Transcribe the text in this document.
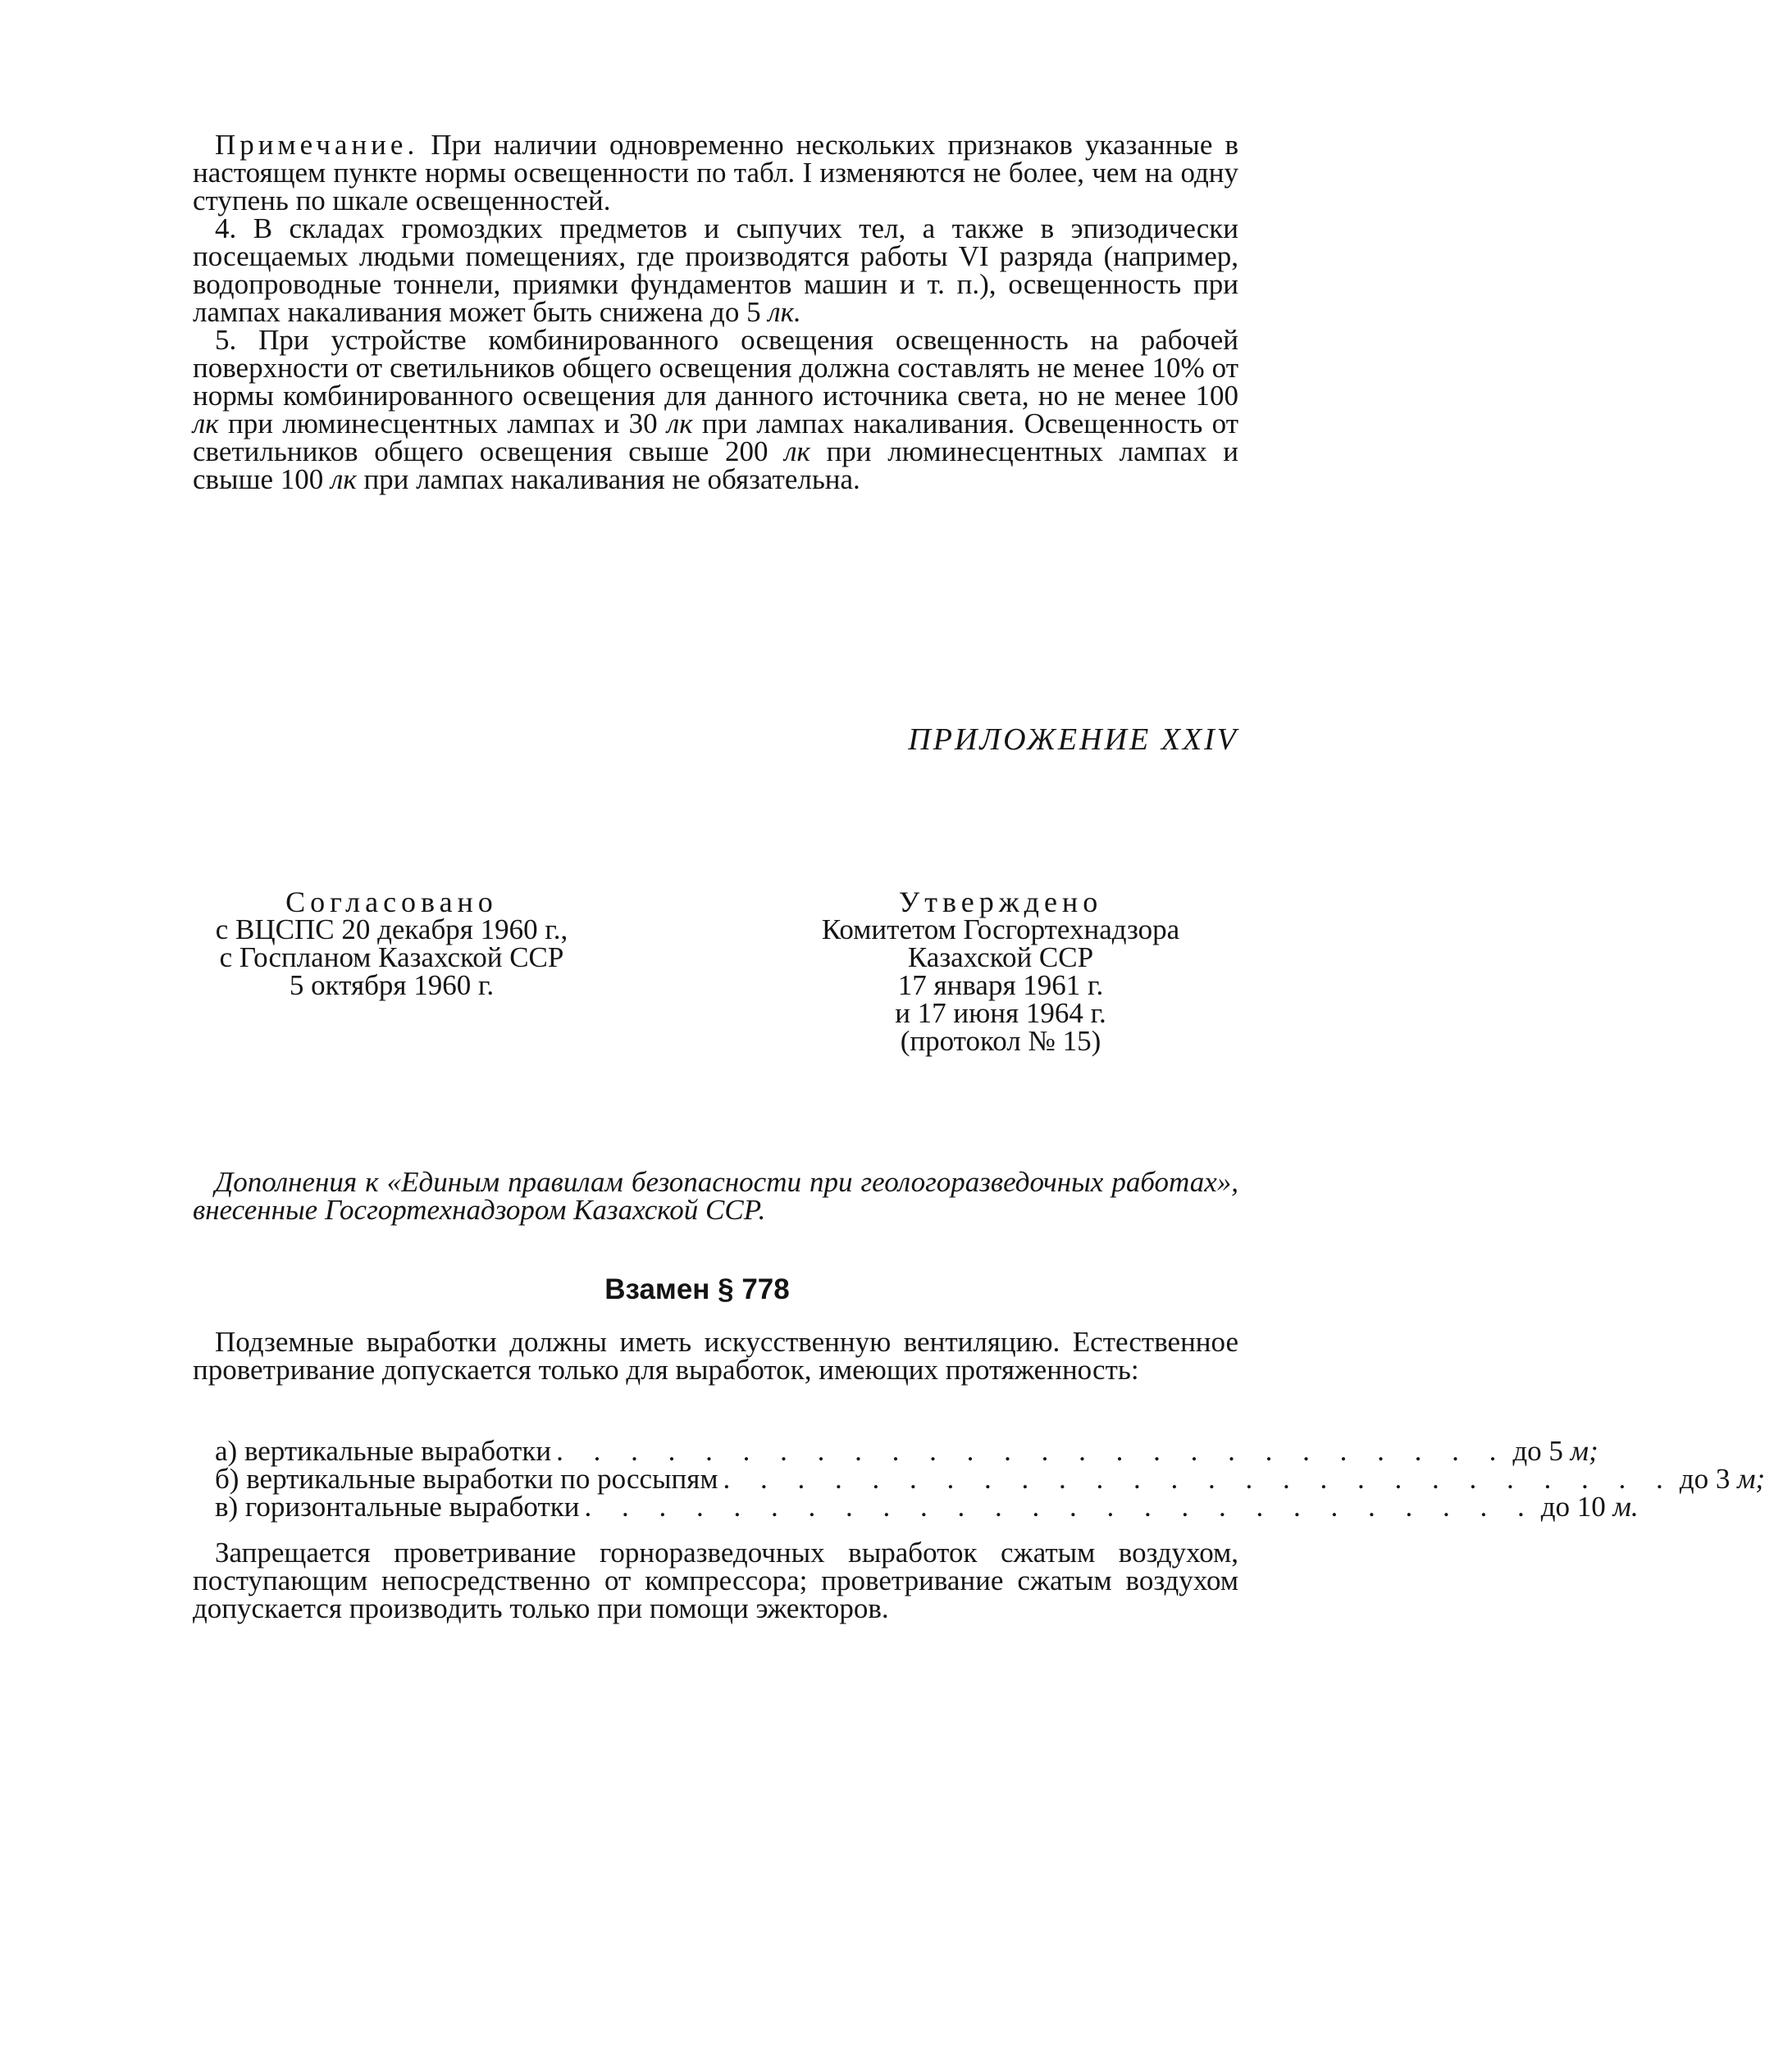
Примечание. При наличии одновременно нескольких признаков указанные в настоящем пункте нормы освещенности по табл. I изменяются не более, чем на одну ступень по шкале освещенностей.

4. В складах громоздких предметов и сыпучих тел, а также в эпизодически посещаемых людьми помещениях, где производятся работы VI разряда (например, водопроводные тоннели, приямки фундаментов машин и т. п.), освещенность при лампах накаливания может быть снижена до 5 лк.

5. При устройстве комбинированного освещения освещенность на рабочей поверхности от светильников общего освещения должна составлять не менее 10% от нормы комбинированного освещения для данного источника света, но не менее 100 лк при люминесцентных лампах и 30 лк при лампах накаливания. Освещенность от светильников общего освещения свыше 200 лк при люминесцентных лампах и свыше 100 лк при лампах накаливания не обязательна.

ПРИЛОЖЕНИЕ XXIV
Согласовано
с ВЦСПС 20 декабря 1960 г.,
с Госпланом Казахской ССР
5 октября 1960 г.
Утверждено
Комитетом Госгортехнадзора
Казахской ССР
17 января 1961 г.
и 17 июня 1964 г.
(протокол № 15)
Дополнения к «Единым правилам безопасности при геологоразведочных работах», внесенные Госгортехнадзором Казахской ССР.
Взамен § 778

Подземные выработки должны иметь искусственную вентиляцию. Естественное проветривание допускается только для выработок, имеющих протяженность:

а) вертикальные выработки . . . . . . . . . . . . . . . . . . . . . . . . . . до 5 м;
б) вертикальные выработки по россыпям . . . . . . . . . . . . . . . . . . . . . . . . . . до 3 м;
в) горизонтальные выработки . . . . . . . . . . . . . . . . . . . . . . . . . . до 10 м.

Запрещается проветривание горноразведочных выработок сжатым воздухом, поступающим непосредственно от компрессора; проветривание сжатым воздухом допускается производить только при помощи эжекторов.
